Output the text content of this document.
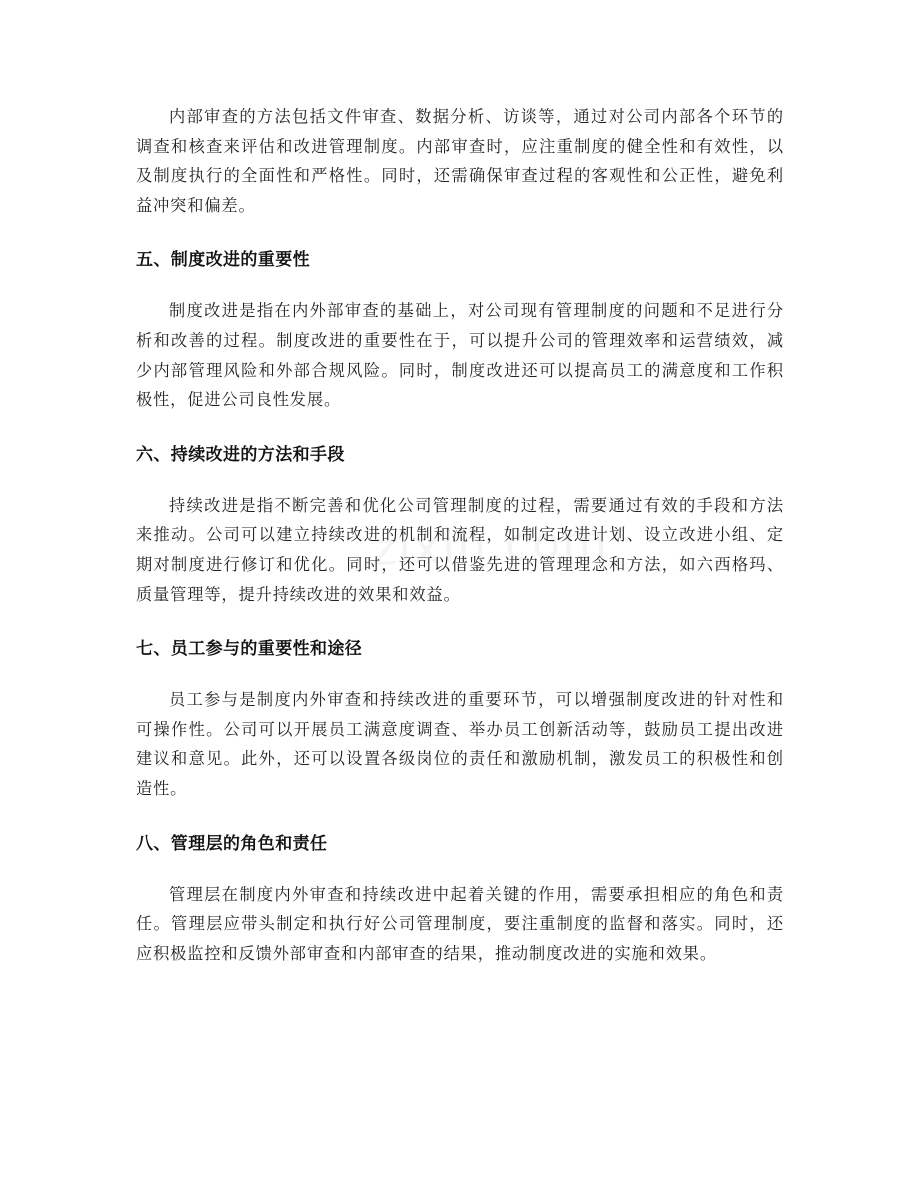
内部审查的方法包括文件审查、数据分析、访谈等，通过对公司内部各个环节的调查和核查来评估和改进管理制度。内部审查时，应注重制度的健全性和有效性，以及制度执行的全面性和严格性。同时，还需确保审查过程的客观性和公正性，避免利益冲突和偏差。

五、制度改进的重要性

制度改进是指在内外部审查的基础上，对公司现有管理制度的问题和不足进行分析和改善的过程。制度改进的重要性在于，可以提升公司的管理效率和运营绩效，减少内部管理风险和外部合规风险。同时，制度改进还可以提高员工的满意度和工作积极性，促进公司良性发展。

六、持续改进的方法和手段

持续改进是指不断完善和优化公司管理制度的过程，需要通过有效的手段和方法来推动。公司可以建立持续改进的机制和流程，如制定改进计划、设立改进小组、定期对制度进行修订和优化。同时，还可以借鉴先进的管理理念和方法，如六西格玛、质量管理等，提升持续改进的效果和效益。

七、员工参与的重要性和途径

员工参与是制度内外审查和持续改进的重要环节，可以增强制度改进的针对性和可操作性。公司可以开展员工满意度调查、举办员工创新活动等，鼓励员工提出改进建议和意见。此外，还可以设置各级岗位的责任和激励机制，激发员工的积极性和创造性。

八、管理层的角色和责任

管理层在制度内外审查和持续改进中起着关键的作用，需要承担相应的角色和责任。管理层应带头制定和执行好公司管理制度，要注重制度的监督和落实。同时，还应积极监控和反馈外部审查和内部审查的结果，推动制度改进的实施和效果。
